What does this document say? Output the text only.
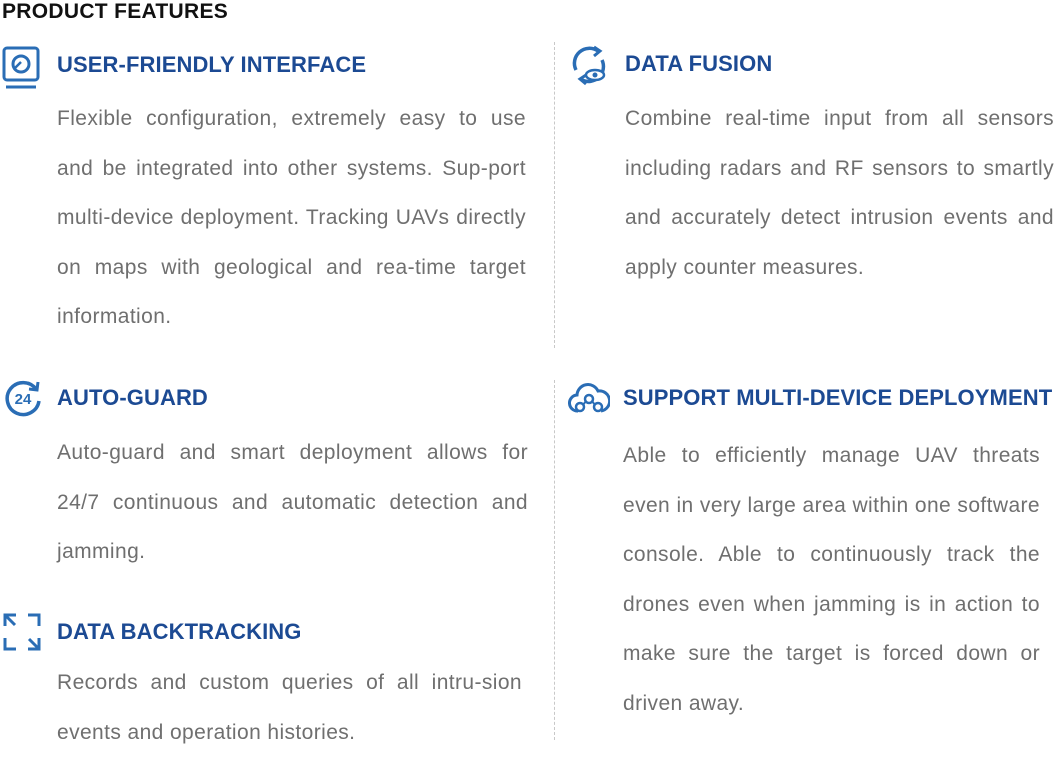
PRODUCT FEATURES
USER-FRIENDLY INTERFACE

Flexible configuration, extremely easy to use and be integrated into other systems. Sup-port multi-device deployment. Tracking UAVs directly on maps with geological and rea-time target information.

DATA FUSION

Combine real-time input from all sensors including radars and RF sensors to smartly and accurately detect intrusion events and apply counter measures.

24 AUTO-GUARD

Auto-guard and smart deployment allows for 24/7 continuous and automatic detection and jamming.

SUPPORT MULTI-DEVICE DEPLOYMENT

Able to efficiently manage UAV threats even in very large area within one software console. Able to continuously track the drones even when jamming is in action to make sure the target is forced down or driven away.

DATA BACKTRACKING

Records and custom queries of all intru-sion events and operation histories.
